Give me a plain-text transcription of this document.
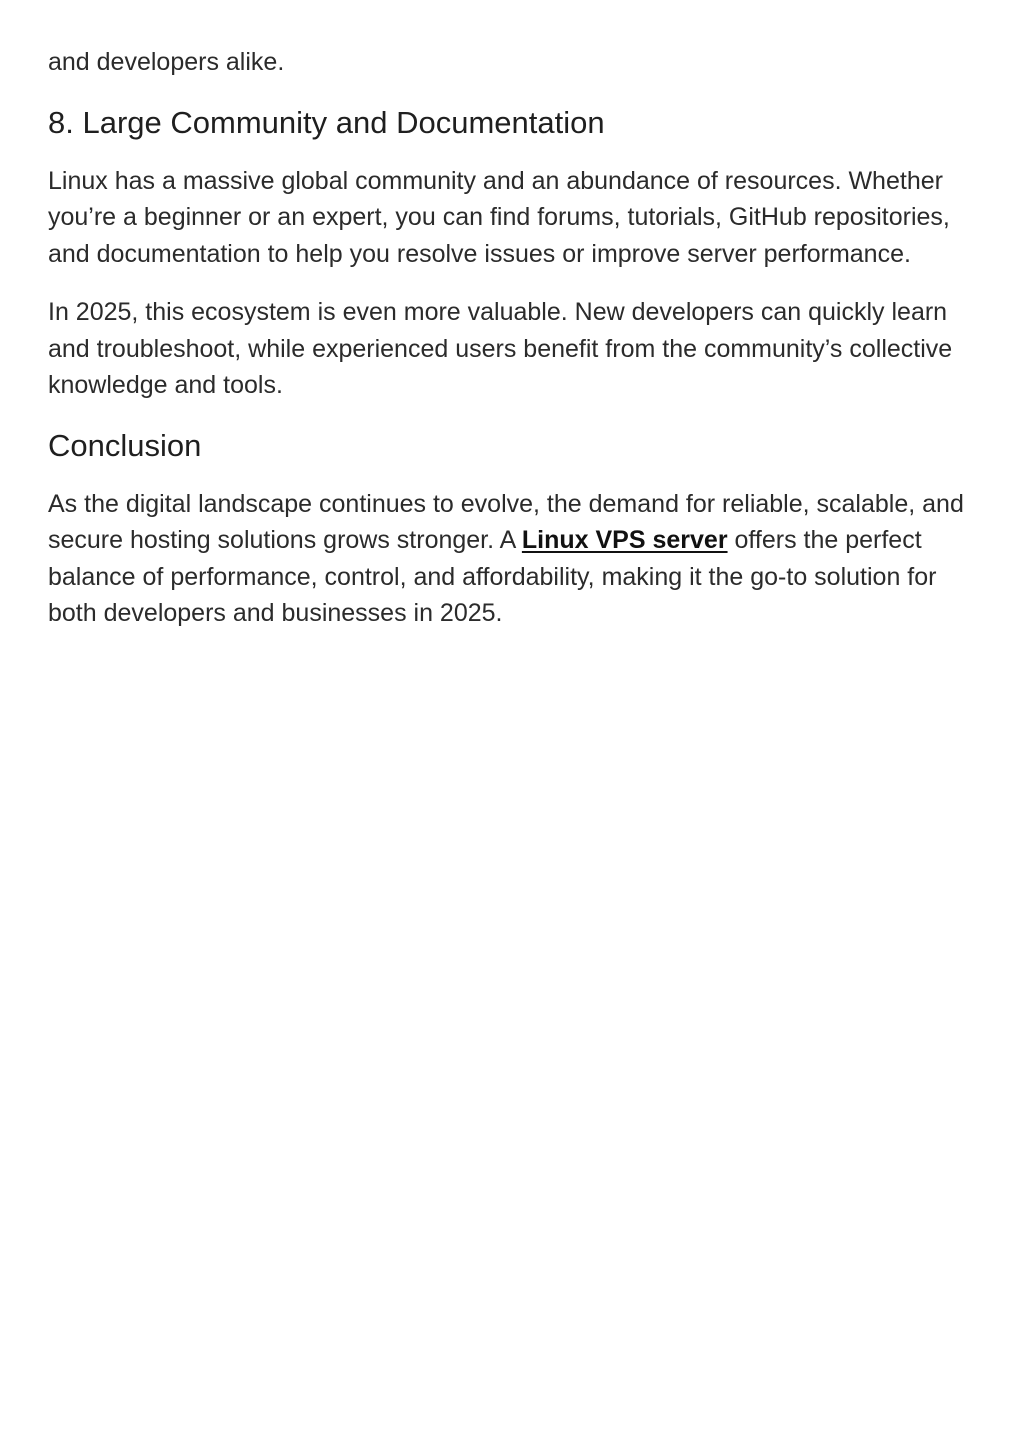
and developers alike.

8. Large Community and Documentation

Linux has a massive global community and an abundance of resources. Whether you’re a beginner or an expert, you can find forums, tutorials, GitHub repositories, and documentation to help you resolve issues or improve server performance.

In 2025, this ecosystem is even more valuable. New developers can quickly learn and troubleshoot, while experienced users benefit from the community’s collective knowledge and tools.

Conclusion

As the digital landscape continues to evolve, the demand for reliable, scalable, and secure hosting solutions grows stronger. A Linux VPS server offers the perfect balance of performance, control, and affordability, making it the go-to solution for both developers and businesses in 2025.
